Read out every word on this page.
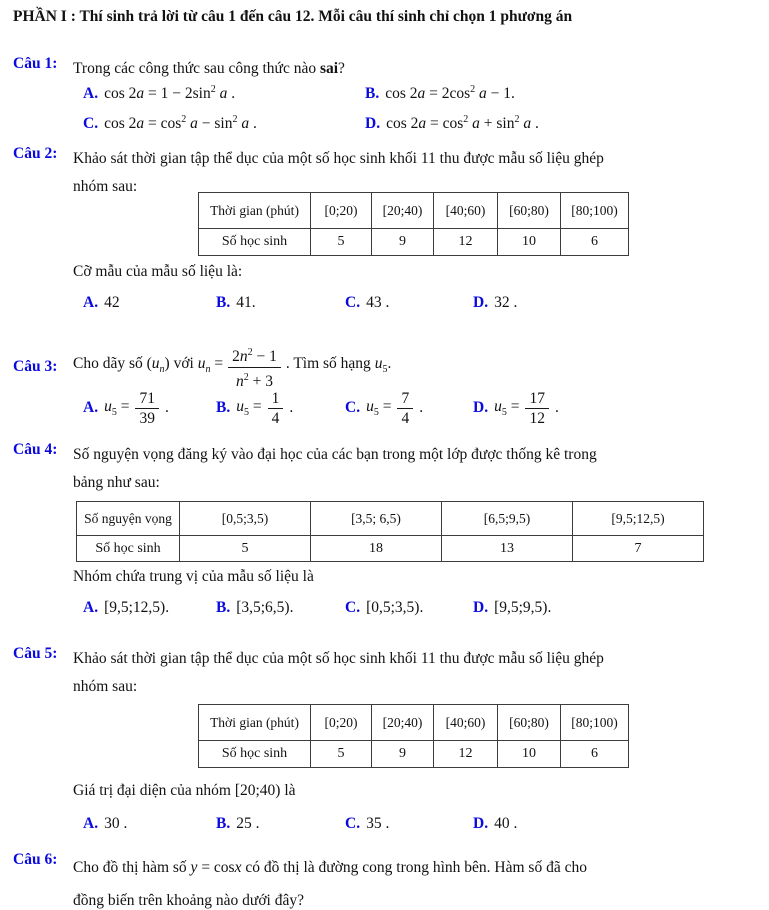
PHẦN I : Thí sinh trả lời từ câu 1 đến câu 12. Mỗi câu thí sinh chỉ chọn 1 phương án
Câu 1: Trong các công thức sau công thức nào sai?
A. $\cos 2a = 1 - 2\sin^2$ a .	B. $\cos 2a = 2\cos^2$ a − 1.
C. $\cos 2a = \cos^2 a - \sin^2 a$ .	D. $\cos 2a = \cos^2 a + \sin^2 a$ .
Câu 2: Khảo sát thời gian tập thể dục của một số học sinh khối 11 thu được mẫu số liệu ghép
nhóm sau:
Thời gian (phút)	[0;20)	[20;40)	[40;60)	[60;80)	[80;100)
Số học sinh	5	9	12	10	6
Cỡ mẫu của mẫu số liệu là:
A. 42	B. 41.	C. 43 .	D. 32 .
Câu 3: Cho dãy số $(u_n)$ với $u_n = \frac{2n^2 - 1}{n^2 + 3}$ . Tìm số hạng $u_5$.
A. $u_5 = \frac{71}{39}$ .	B. $u_5 = \frac{1}{4}$ .	C. $u_5 = \frac{7}{4}$ .	D. $u_5 = \frac{17}{12}$ .
Câu 4: Số nguyện vọng đăng ký vào đại học của các bạn trong một lớp được thống kê trong
bảng như sau:
Số nguyện vọng	[0,5;3,5)	[3,5; 6,5)	[6,5;9,5)	[9,5;12,5)
Số học sinh	5	18	13	7
Nhóm chứa trung vị của mẫu số liệu là
A. [9,5;12,5).	B. [3,5;6,5).	C. [0,5;3,5).	D. [9,5;9,5).
Câu 5: Khảo sát thời gian tập thể dục của một số học sinh khối 11 thu được mẫu số liệu ghép
nhóm sau:
Thời gian (phút)	[0;20)	[20;40)	[40;60)	[60;80)	[80;100)
Số học sinh	5	9	12	10	6
Giá trị đại diện của nhóm [20;40) là
A. 30 .	B. 25 .	C. 35 .	D. 40 .
Câu 6: Cho đồ thị hàm số y = cosx có đồ thị là đường cong trong hình bên. Hàm số đã cho
đồng biến trên khoảng nào dưới đây?
